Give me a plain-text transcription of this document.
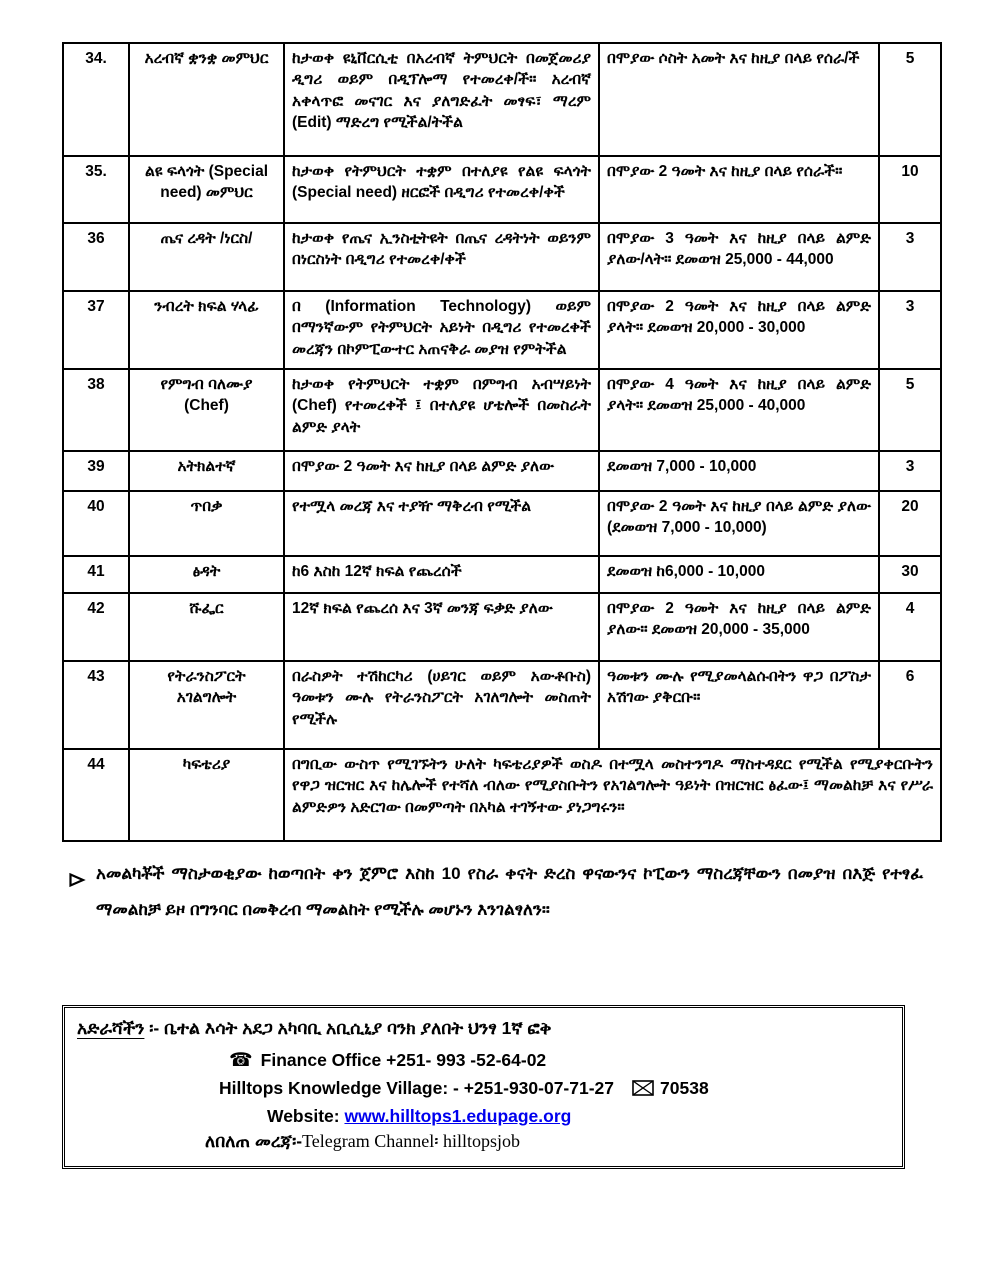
34.	አረብኛ ቋንቋ መምህር	ከታወቀ ዩኒቨርሲቲ በአረብኛ ትምህርት በመጀመሪያ ዲግሪ ወይም በዲፕሎማ የተመረቀ/ች። አረብኛ አቀላጥፎ መናገር እና ያለግድፈት መፃፍ፣ ማረም (Edit) ማድረግ የሚችል/ትችል	በሞያው ሶስት አመት እና ከዚያ በላይ የሰራ/ች	5
35.	ልዩ ፍላጎት (Special need) መምህር	ከታወቀ የትምህርት ተቋም በተለያዩ የልዩ ፍላጎት (Special need) ዘርፎች በዲግሪ የተመረቀ/ቀች	በሞያው 2 ዓመት እና ከዚያ በላይ የሰራች።	10
36	ጤና ረዳት /ነርስ/	ከታወቀ የጤና ኢንስቲትዩት በጤና ረዳትነት ወይንም በነርስነት በዲግሪ የተመረቀ/ቀች	በሞያው 3 ዓመት እና ከዚያ በላይ ልምድ ያለው/ላት። ደመወዝ 25,000 - 44,000	3
37	ንብረት ክፍል ሃላፊ	በ (Information Technology) ወይም በማንኛውም የትምህርት አይነት በዲግሪ የተመረቀች መረጃን በኮምፒውተር አጠናቅራ መያዝ የምትችል	በሞያው 2 ዓመት እና ከዚያ በላይ ልምድ ያላት። ደመወዝ 20,000 - 30,000	3
38	የምግብ ባለሙያ (Chef)	ከታወቀ የትምህርት ተቋም በምግብ አብሣይነት (Chef) የተመረቀች ፤ በተለያዩ ሆቴሎች በመስራት ልምድ ያላት	በሞያው 4 ዓመት እና ከዚያ በላይ ልምድ ያላት። ደመወዝ 25,000 - 40,000	5
39	አትክልተኛ	በሞያው 2 ዓመት እና ከዚያ በላይ ልምድ ያለው	ደመወዝ 7,000 - 10,000	3
40	ጥበቃ	የተሟላ መረጃ እና ተያዥ ማቅረብ የሚችል	በሞያው 2 ዓመት እና ከዚያ በላይ ልምድ ያለው (ደመወዝ 7,000 - 10,000)	20
41	ፅዳት	ከ6 እስከ 12ኛ ክፍል የጨረሰች	ደመወዝ ከ6,000 - 10,000	30
42	ሹፌር	12ኛ ክፍል የጨረሰ እና 3ኛ መንጃ ፍቃድ ያለው	በሞያው 2 ዓመት እና ከዚያ በላይ ልምድ ያለው። ደመወዝ 20,000 - 35,000	4
43	የትራንስፖርት አገልግሎት	በራስዎት ተሽከርካሪ (ሀይገር ወይም አውቶቡስ) ዓመቱን ሙሉ የትራንስፖርት አገለግሎት መስጠት የሚችሉ	ዓመቱን ሙሉ የሚያመላልሱበትን ዋጋ በፖስታ አሽገው ያቅርቡ።	6
44	ካፍቴሪያ	በግቢው ውስጥ የሚገኙትን ሁለት ካፍቴሪያዎች ወስዶ በተሟላ መስተንግዶ ማስተዳደር የሚችል የሚያቀርቡትን የዋጋ ዝርዝር እና ከሌሎች የተሻለ ብለው የሚያስቡትን የአገልግሎት ዓይነት በዝርዝር ፅፈው፤ ማመልከቻ እና የሥራ ልምድዎን አድርገው በመምጣት በአካል ተገኝተው ያነጋግሩን።		
አመልካቾች ማስታወቂያው ከወጣበት ቀን ጀምሮ እስከ 10 የስራ ቀናት ድረስ ዋናውንና ኮፒውን ማስረጃቸውን በመያዝ በእጅ የተፃፈ ማመልከቻ ይዞ በግንባር በመቅረብ ማመልከት የሚችሉ መሆኑን እንገልፃለን።
አድራሻችን ፡- ቤተል እሳት አደጋ አካባቢ አቢሲኒያ ባንክ ያለበት ህንፃ 1ኛ ፎቅ
☎ Finance Office +251- 993 -52-64-02
Hilltops Knowledge Village: - +251-930-07-71-27	70538
Website: www.hilltops1.edupage.org
ለበለጠ መረጃ፡-Telegram Channel፡ hilltopsjob
